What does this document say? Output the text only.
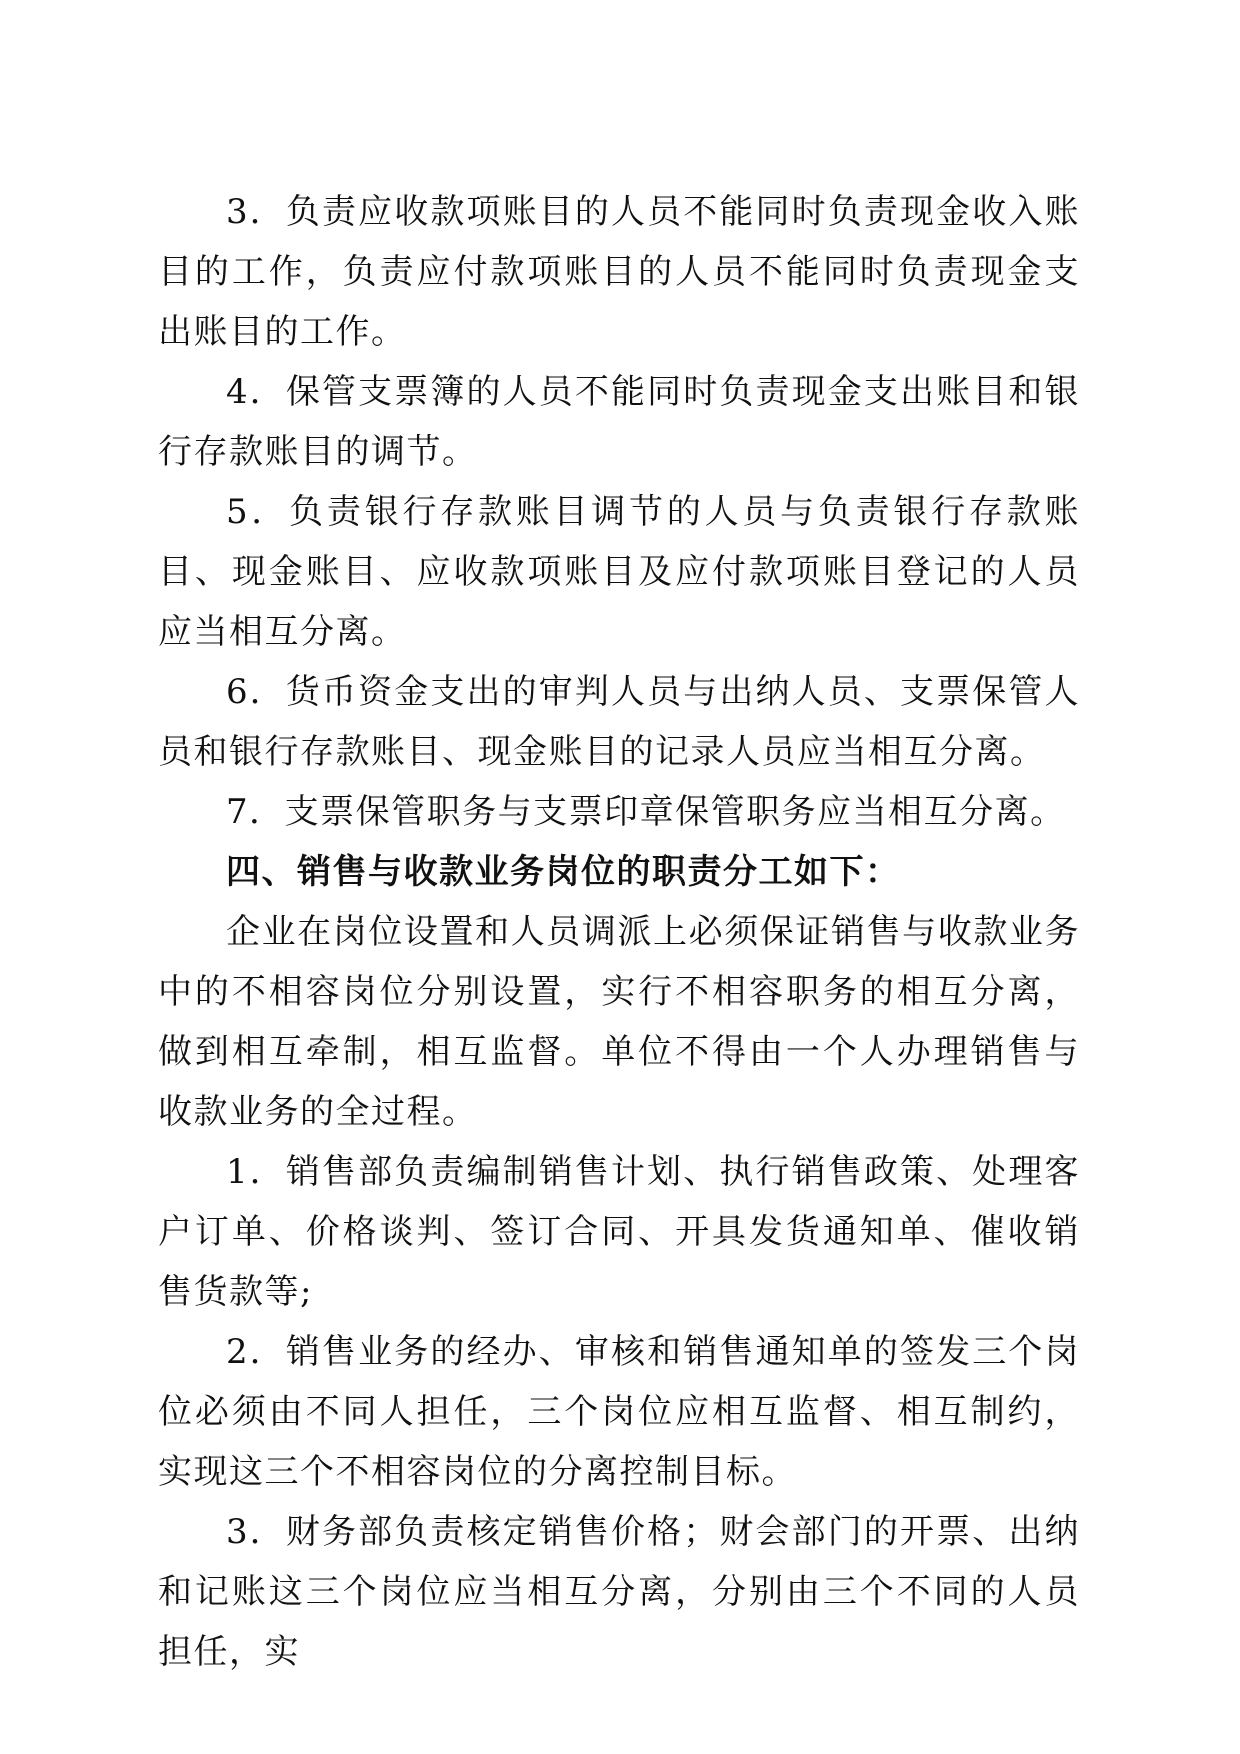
3．负责应收款项账目的人员不能同时负责现金收入账目的工作，负责应付款项账目的人员不能同时负责现金支出账目的工作。

4．保管支票簿的人员不能同时负责现金支出账目和银行存款账目的调节。

5．负责银行存款账目调节的人员与负责银行存款账目、现金账目、应收款项账目及应付款项账目登记的人员应当相互分离。

6．货币资金支出的审判人员与出纳人员、支票保管人员和银行存款账目、现金账目的记录人员应当相互分离。

7．支票保管职务与支票印章保管职务应当相互分离。

四、销售与收款业务岗位的职责分工如下：

企业在岗位设置和人员调派上必须保证销售与收款业务中的不相容岗位分别设置，实行不相容职务的相互分离，做到相互牵制，相互监督。单位不得由一个人办理销售与收款业务的全过程。

1．销售部负责编制销售计划、执行销售政策、处理客户订单、价格谈判、签订合同、开具发货通知单、催收销售货款等;

2．销售业务的经办、审核和销售通知单的签发三个岗位必须由不同人担任，三个岗位应相互监督、相互制约，实现这三个不相容岗位的分离控制目标。

3．财务部负责核定销售价格；财会部门的开票、出纳和记账这三个岗位应当相互分离，分别由三个不同的人员担任，实
